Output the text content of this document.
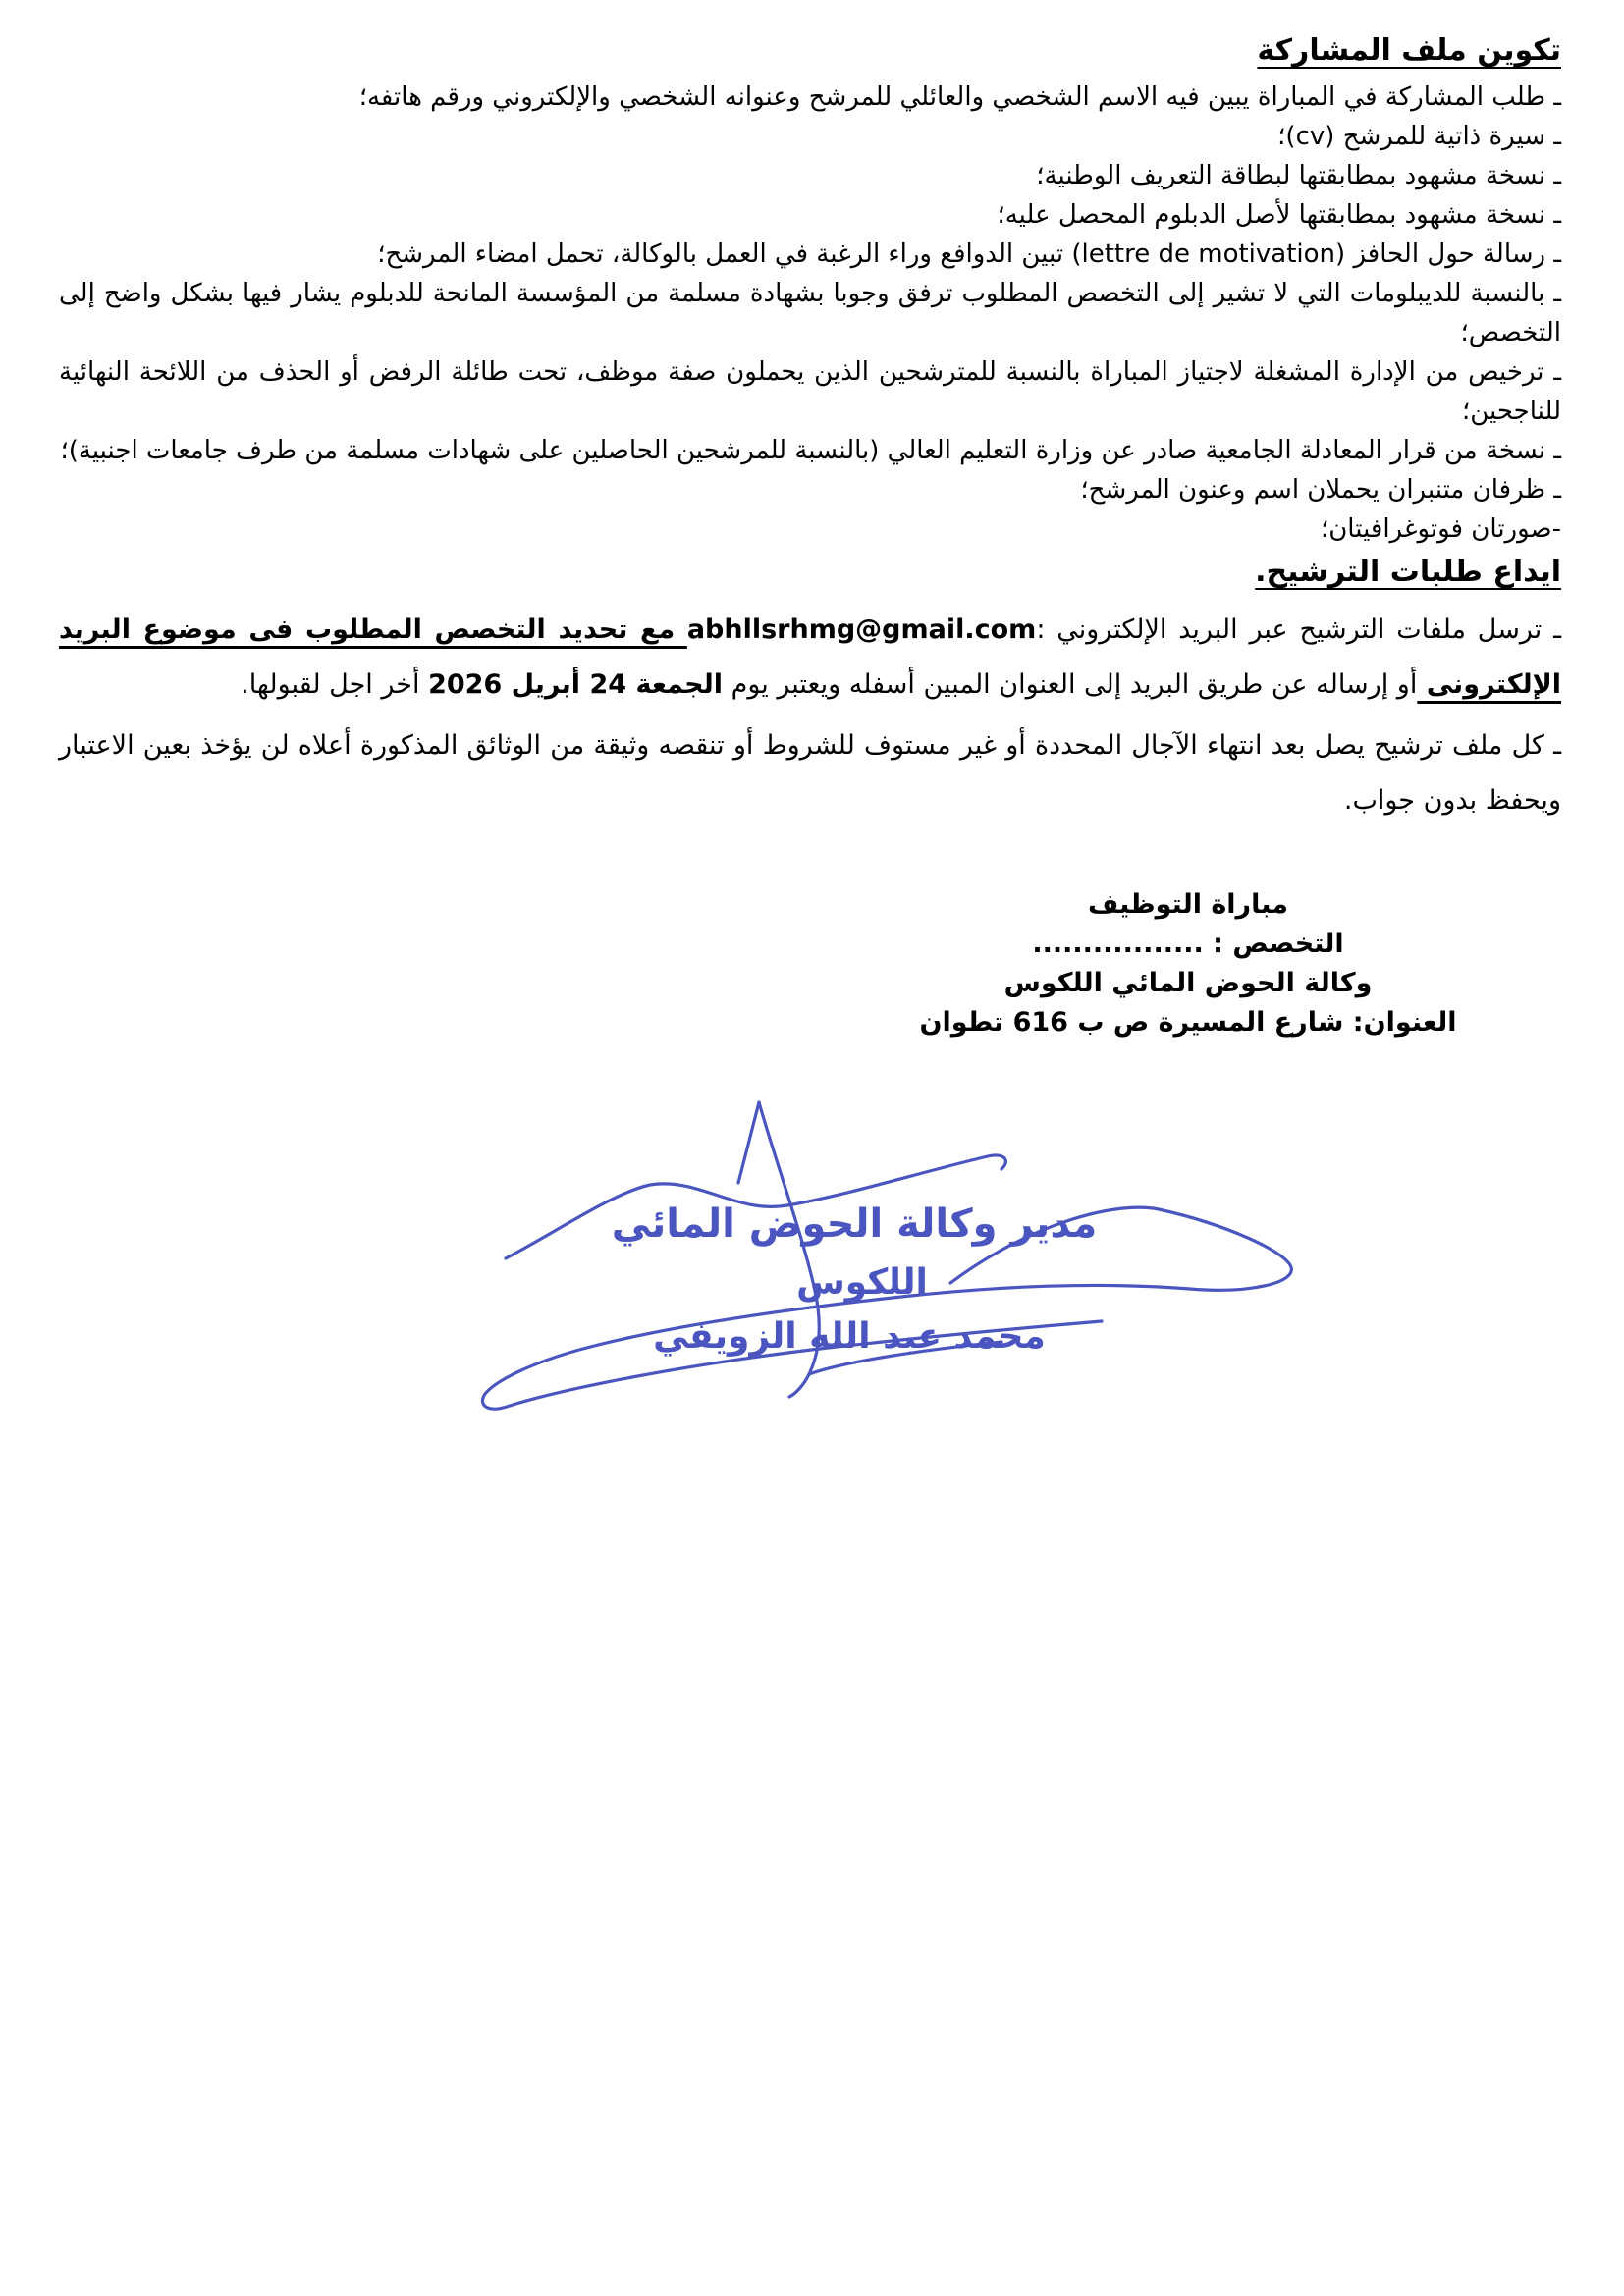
تكوين ملف المشاركة

ـ طلب المشاركة في المباراة يبين فيه الاسم الشخصي والعائلي للمرشح وعنوانه الشخصي والإلكتروني ورقم هاتفه؛

ـ سيرة ذاتية للمرشح (cv)؛

ـ نسخة مشهود بمطابقتها لبطاقة التعريف الوطنية؛

ـ نسخة مشهود بمطابقتها لأصل الدبلوم المحصل عليه؛

ـ رسالة حول الحافز (lettre de motivation) تبين الدوافع وراء الرغبة في العمل بالوكالة، تحمل امضاء المرشح؛

ـ بالنسبة للديبلومات التي لا تشير إلى التخصص المطلوب ترفق وجوبا بشهادة مسلمة من المؤسسة المانحة للدبلوم يشار فيها بشكل واضح إلى التخصص؛

ـ ترخيص من الإدارة المشغلة لاجتياز المباراة بالنسبة للمترشحين الذين يحملون صفة موظف، تحت طائلة الرفض أو الحذف من اللائحة النهائية للناجحين؛

ـ نسخة من قرار المعادلة الجامعية صادر عن وزارة التعليم العالي (بالنسبة للمرشحين الحاصلين على شهادات مسلمة من طرف جامعات اجنبية)؛

ـ ظرفان متنبران يحملان اسم وعنون المرشح؛

-صورتان فوتوغرافيتان؛

ايداع طلبات الترشيح.

ـ ترسل ملفات الترشيح عبر البريد الإلكتروني :abhllsrhmg@gmail.com مع تحديد التخصص المطلوب فى موضوع البريد الإلكترونى أو إرساله عن طريق البريد إلى العنوان المبين أسفله ويعتبر يوم الجمعة 24 أبريل 2026 أخر اجل لقبولها.

ـ كل ملف ترشيح يصل بعد انتهاء الآجال المحددة أو غير مستوف للشروط أو تنقصه وثيقة من الوثائق المذكورة أعلاه لن يؤخذ بعين الاعتبار ويحفظ بدون جواب.

مباراة التوظيف

التخصص : .................

وكالة الحوض المائي اللكوس

العنوان: شارع المسيرة ص ب 616 تطوان

مدير وكالة الحوض المائي
اللكوس
محمد عبد الله الزويفي
